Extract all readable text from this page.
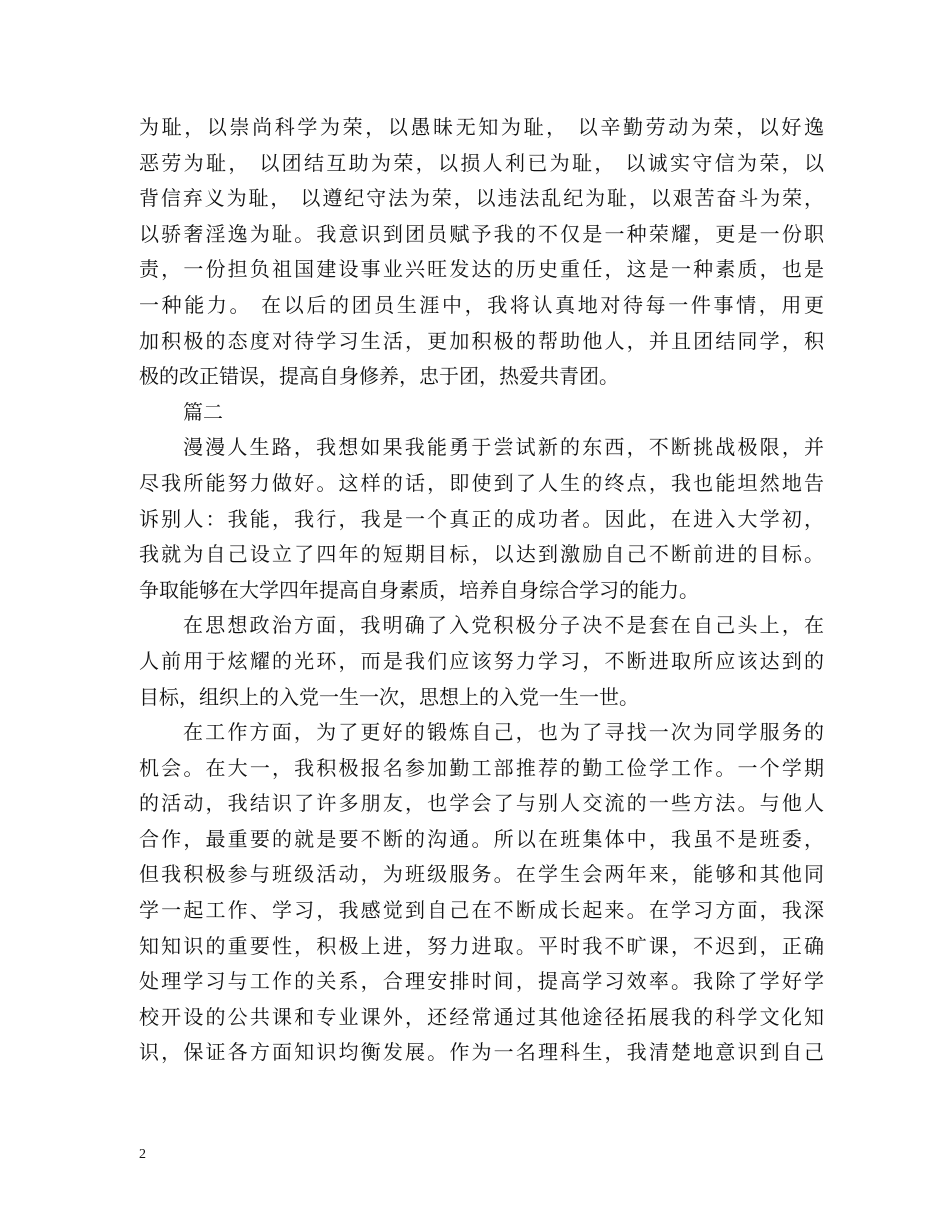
为耻，以崇尚科学为荣，以愚昧无知为耻， 以辛勤劳动为荣，以好逸
恶劳为耻， 以团结互助为荣，以损人利已为耻， 以诚实守信为荣，以
背信弃义为耻， 以遵纪守法为荣，以违法乱纪为耻，以艰苦奋斗为荣，
以骄奢淫逸为耻。我意识到团员赋予我的不仅是一种荣耀，更是一份职
责，一份担负祖国建设事业兴旺发达的历史重任，这是一种素质，也是
一种能力。 在以后的团员生涯中，我将认真地对待每一件事情，用更
加积极的态度对待学习生活，更加积极的帮助他人，并且团结同学，积
极的改正错误，提高自身修养，忠于团，热爱共青团。
篇二
漫漫人生路，我想如果我能勇于尝试新的东西，不断挑战极限，并
尽我所能努力做好。这样的话，即使到了人生的终点，我也能坦然地告
诉别人：我能，我行，我是一个真正的成功者。因此，在进入大学初，
我就为自己设立了四年的短期目标，以达到激励自己不断前进的目标。
争取能够在大学四年提高自身素质，培养自身综合学习的能力。
在思想政治方面，我明确了入党积极分子决不是套在自己头上，在
人前用于炫耀的光环，而是我们应该努力学习，不断进取所应该达到的
目标，组织上的入党一生一次，思想上的入党一生一世。
在工作方面，为了更好的锻炼自己，也为了寻找一次为同学服务的
机会。在大一，我积极报名参加勤工部推荐的勤工俭学工作。一个学期
的活动，我结识了许多朋友，也学会了与别人交流的一些方法。与他人
合作，最重要的就是要不断的沟通。所以在班集体中，我虽不是班委，
但我积极参与班级活动，为班级服务。在学生会两年来，能够和其他同
学一起工作、学习，我感觉到自己在不断成长起来。在学习方面，我深
知知识的重要性，积极上进，努力进取。平时我不旷课，不迟到，正确
处理学习与工作的关系，合理安排时间，提高学习效率。我除了学好学
校开设的公共课和专业课外，还经常通过其他途径拓展我的科学文化知
识，保证各方面知识均衡发展。作为一名理科生，我清楚地意识到自己
2
